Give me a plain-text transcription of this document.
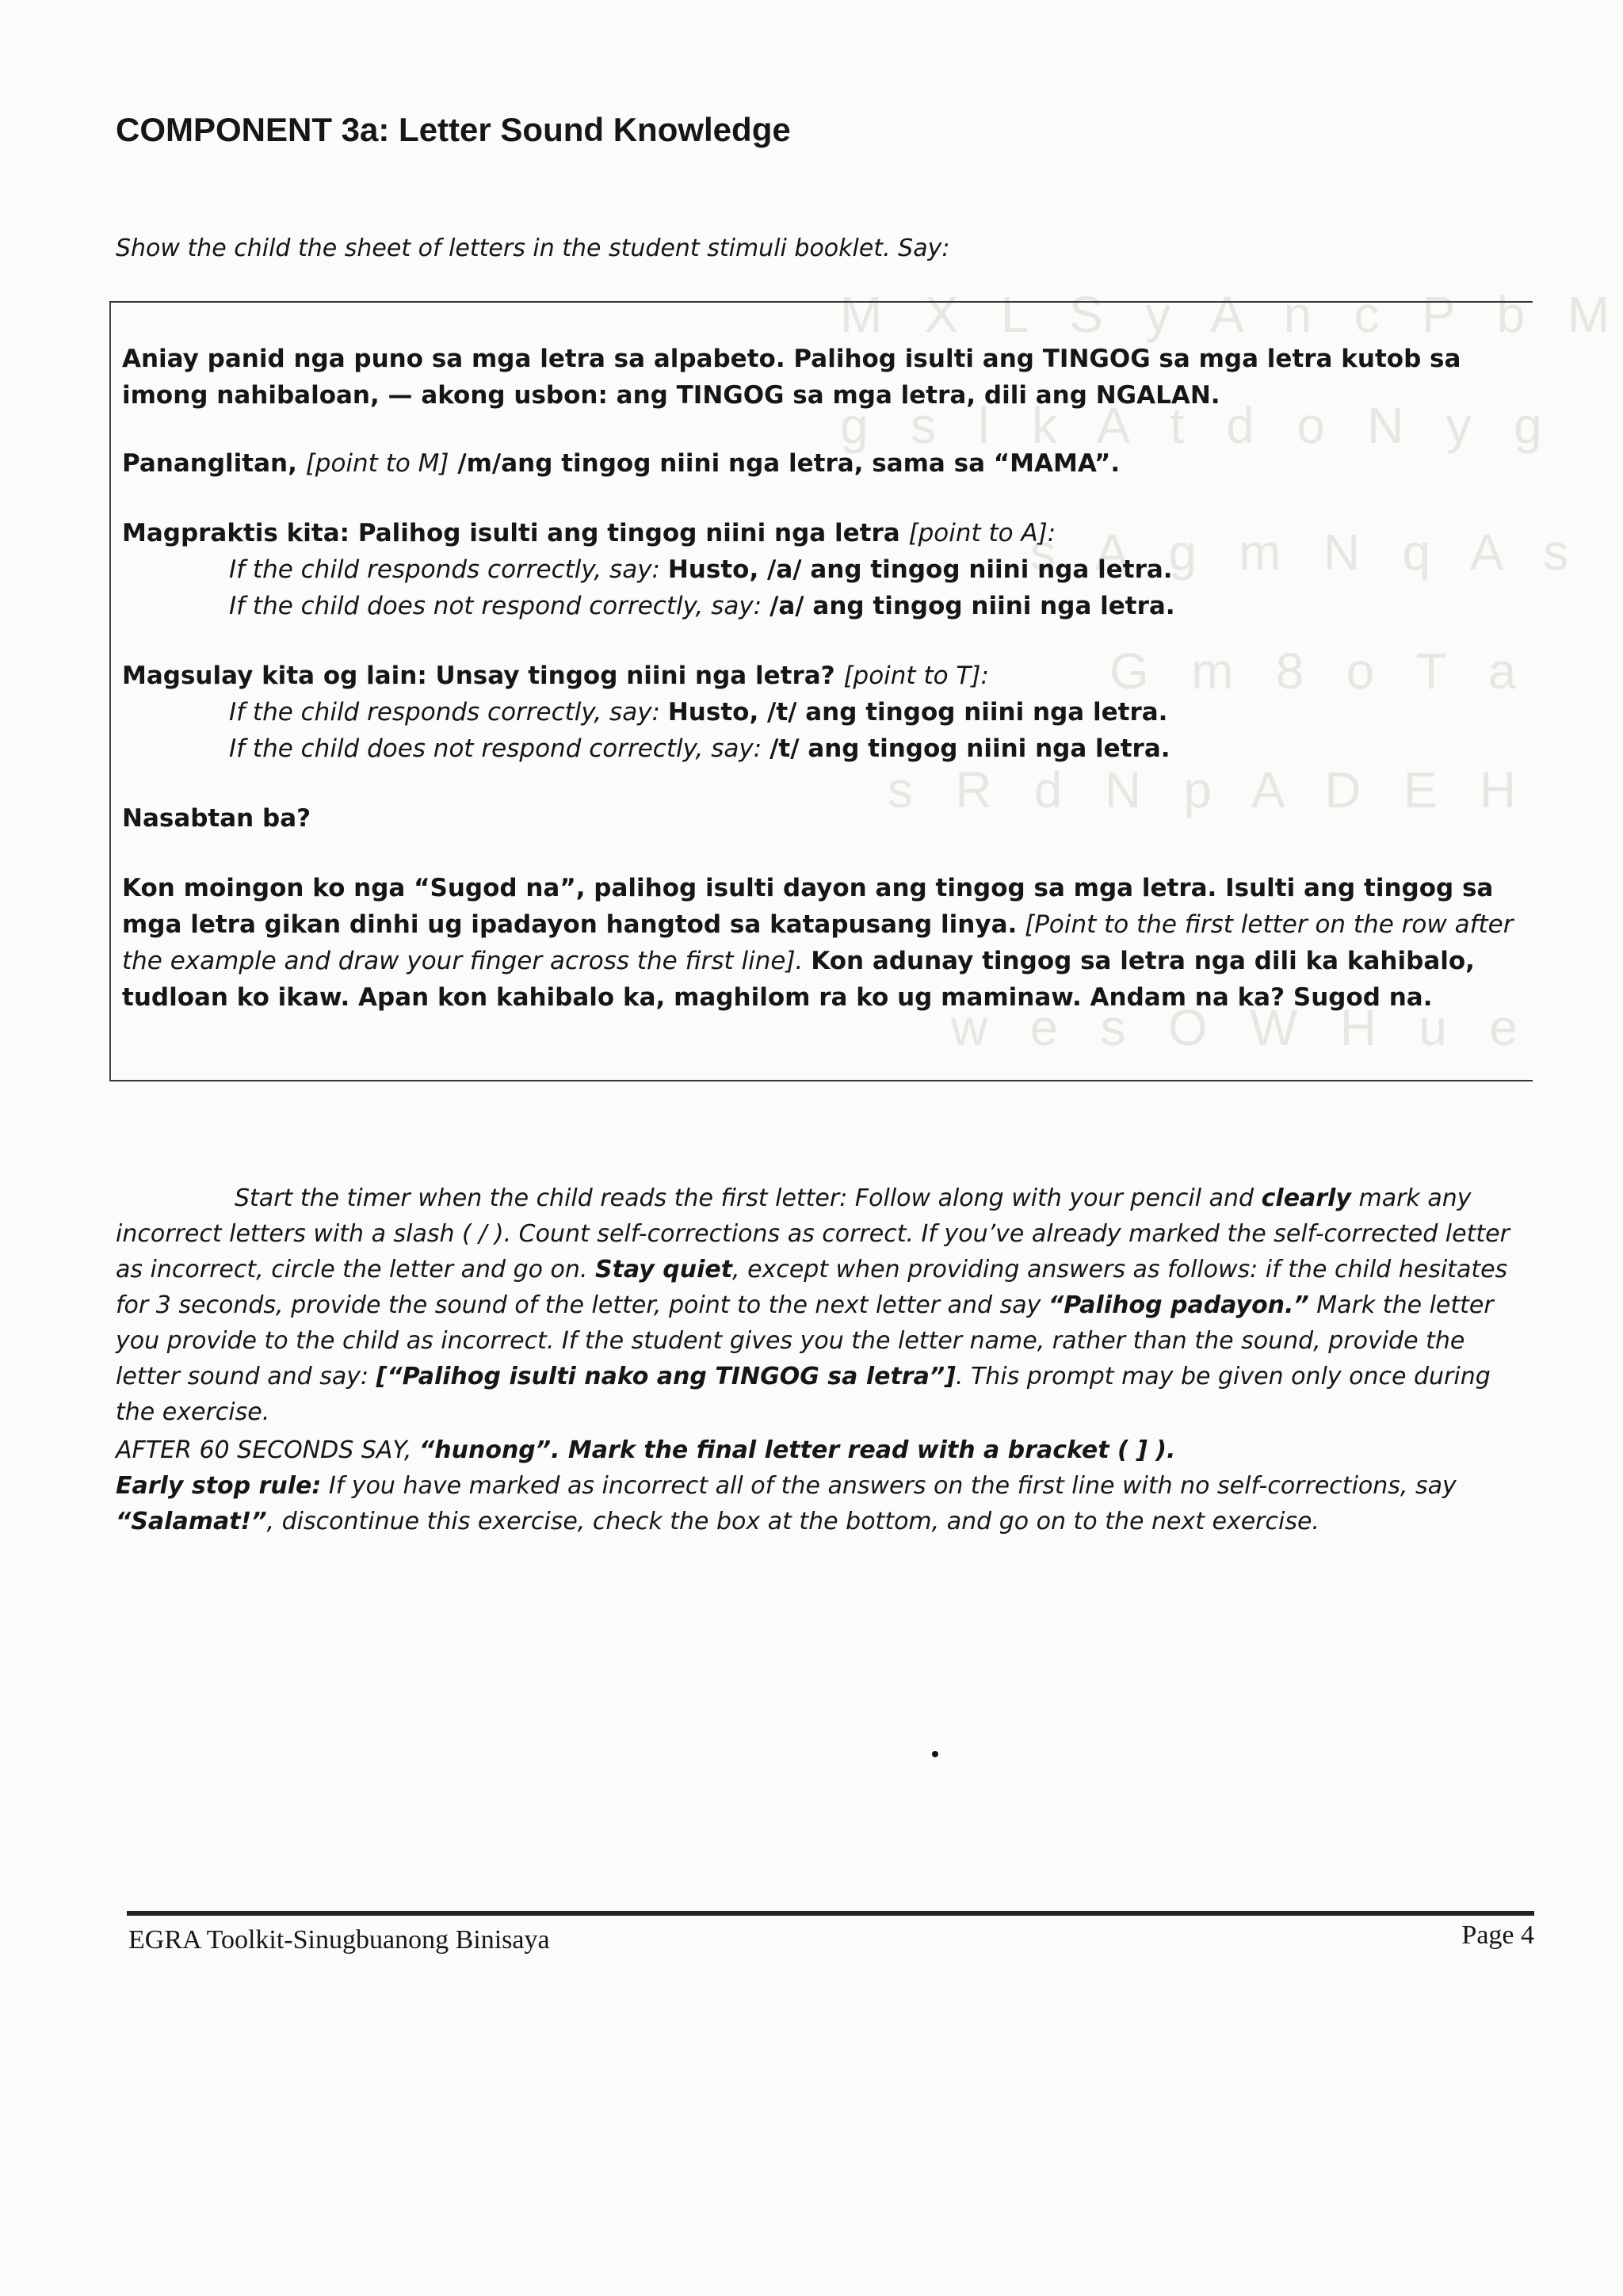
M   X   L   S   y   A   n   c   P   b   M
g   s   l   k   A   t   d   o   N   y   g
s   A   g   m   N   q   A   s
G   m   8   o   T   a
s   R   d   N   p   A   D   E   H
w   e   s   O   W   H   u   e
COMPONENT 3a: Letter Sound Knowledge
Show the child the sheet of letters in the student stimuli booklet. Say:

Aniay panid nga puno sa mga letra sa alpabeto. Palihog isulti ang TINGOG sa mga letra kutob sa imong nahibaloan, — akong usbon: ang TINGOG sa mga letra, dili ang NGALAN.

Pananglitan, [point to M] /m/ang tingog niini nga letra, sama sa “MAMA”.

Magpraktis kita: Palihog isulti ang tingog niini nga letra [point to A]:

If the child responds correctly, say: Husto, /a/ ang tingog niini nga letra.

If the child does not respond correctly, say: /a/ ang tingog niini nga letra.

Magsulay kita og lain: Unsay tingog niini nga letra? [point to T]:

If the child responds correctly, say: Husto, /t/ ang tingog niini nga letra.

If the child does not respond correctly, say: /t/ ang tingog niini nga letra.

Nasabtan ba?

Kon moingon ko nga “Sugod na”, palihog isulti dayon ang tingog sa mga letra. Isulti ang tingog sa mga letra gikan dinhi ug ipadayon hangtod sa katapusang linya. [Point to the first letter on the row after the example and draw your finger across the first line]. Kon adunay tingog sa letra nga dili ka kahibalo, tudloan ko ikaw. Apan kon kahibalo ka, maghilom ra ko ug maminaw. Andam na ka? Sugod na.

Start the timer when the child reads the first letter: Follow along with your pencil and clearly mark any incorrect letters with a slash ( / ). Count self-corrections as correct. If you’ve already marked the self-corrected letter as incorrect, circle the letter and go on. Stay quiet, except when providing answers as follows: if the child hesitates for 3 seconds, provide the sound of the letter, point to the next letter and say “Palihog padayon.” Mark the letter you provide to the child as incorrect. If the student gives you the letter name, rather than the sound, provide the letter sound and say: [“Palihog isulti nako ang TINGOG sa letra”]. This prompt may be given only once during the exercise.

AFTER 60 SECONDS SAY, “hunong”. Mark the final letter read with a bracket ( ] ).

Early stop rule: If you have marked as incorrect all of the answers on the first line with no self-corrections, say “Salamat!”, discontinue this exercise, check the box at the bottom, and go on to the next exercise.

EGRA Toolkit-Sinugbuanong Binisaya	Page 4
